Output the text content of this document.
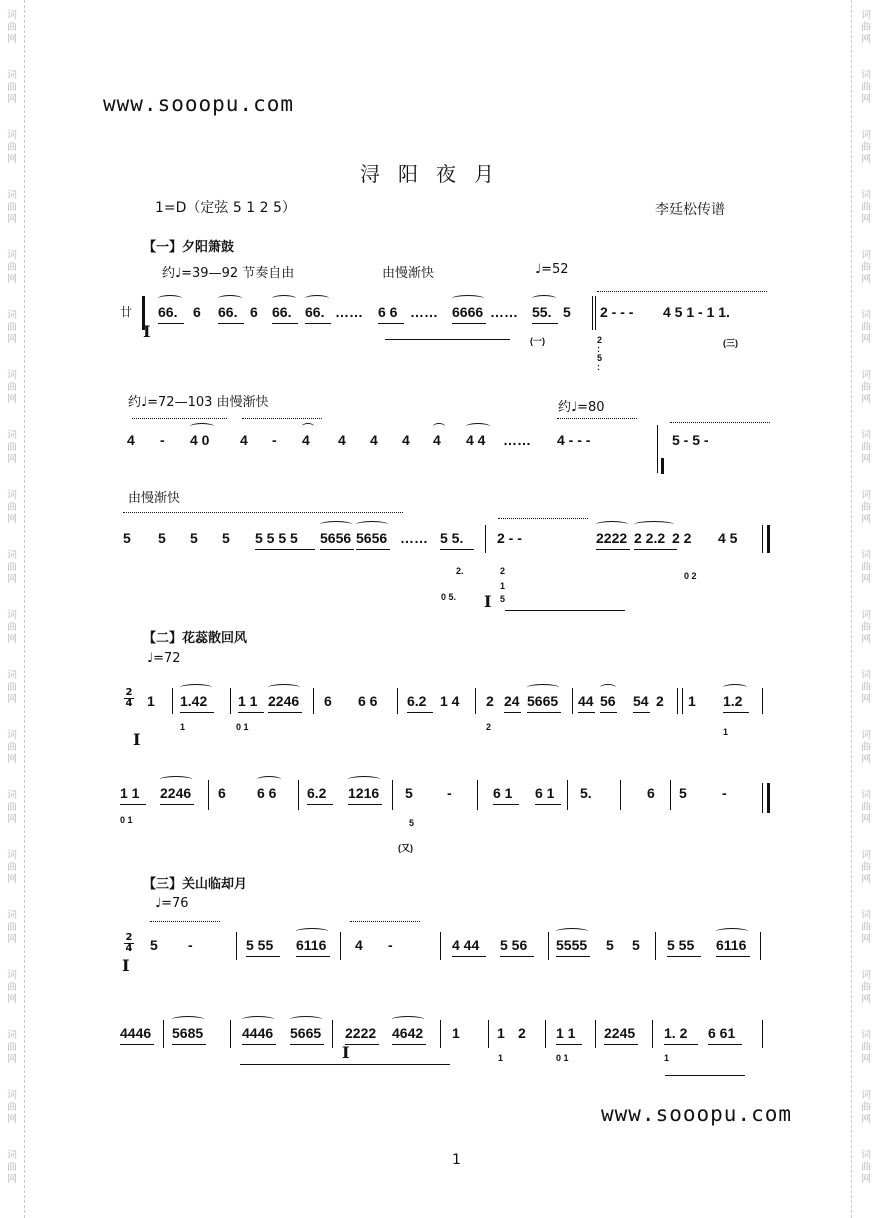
词曲网
词曲网
词曲网
词曲网
词曲网
词曲网
词曲网
词曲网
词曲网
词曲网
词曲网
词曲网
词曲网
词曲网
词曲网
词曲网
词曲网
词曲网
词曲网
词曲网
词曲网
词曲网
词曲网
词曲网
词曲网
词曲网
词曲网
词曲网
词曲网
词曲网
词曲网
词曲网
词曲网
词曲网
词曲网
词曲网
词曲网
词曲网
词曲网
词曲网
www.sooopu.com
浔阳夜月
1=D（定弦 5 1 2 5）	李廷松传谱
【一】夕阳箫鼓
约♩=39—92 节奏自由	由慢渐快	♩=52
廿
I
66. 6 66. 6 66. 66. …… 6 6 …… 6666 …… 55. 5 2 - - - 4 5 1 - 1 1.
(一)	(三)
2
:
5
:
约♩=72—103 由慢渐快	约♩=80
4 - 4 0 4 - 4 4 4 4 4 4 4 …… 4 - - -	5 - 5 -
由慢渐快
5 5 5 5 5 5 5 5 5656 5656 …… 5 5. 2 - -	2222 2 2.2 2 2 4 5
2.
0 5.
2
1
5
0 2
I
【二】花蕊散回风
♩=72
2
4
I
1 1.42 1 1 2246 6 6 6 6.2 1 4 2 24 5665 44 56 54 2 1 1.2
1	0 1	2	1
1 1 2246 6 6 6 6.2 1216 5 -	6 1 6 1 5.	6 5	-
0 1	5
(又)
【三】关山临却月
♩=76
2
4
I
5 -	5 55 6116 4 -	4 44 5 56 5555 5 5 5 55 6116
4446 5685	4446 5665 2222 4642 1	1 2 1 1 2245 1. 2 6 61
1	0 1	1
I
www.sooopu.com
1
